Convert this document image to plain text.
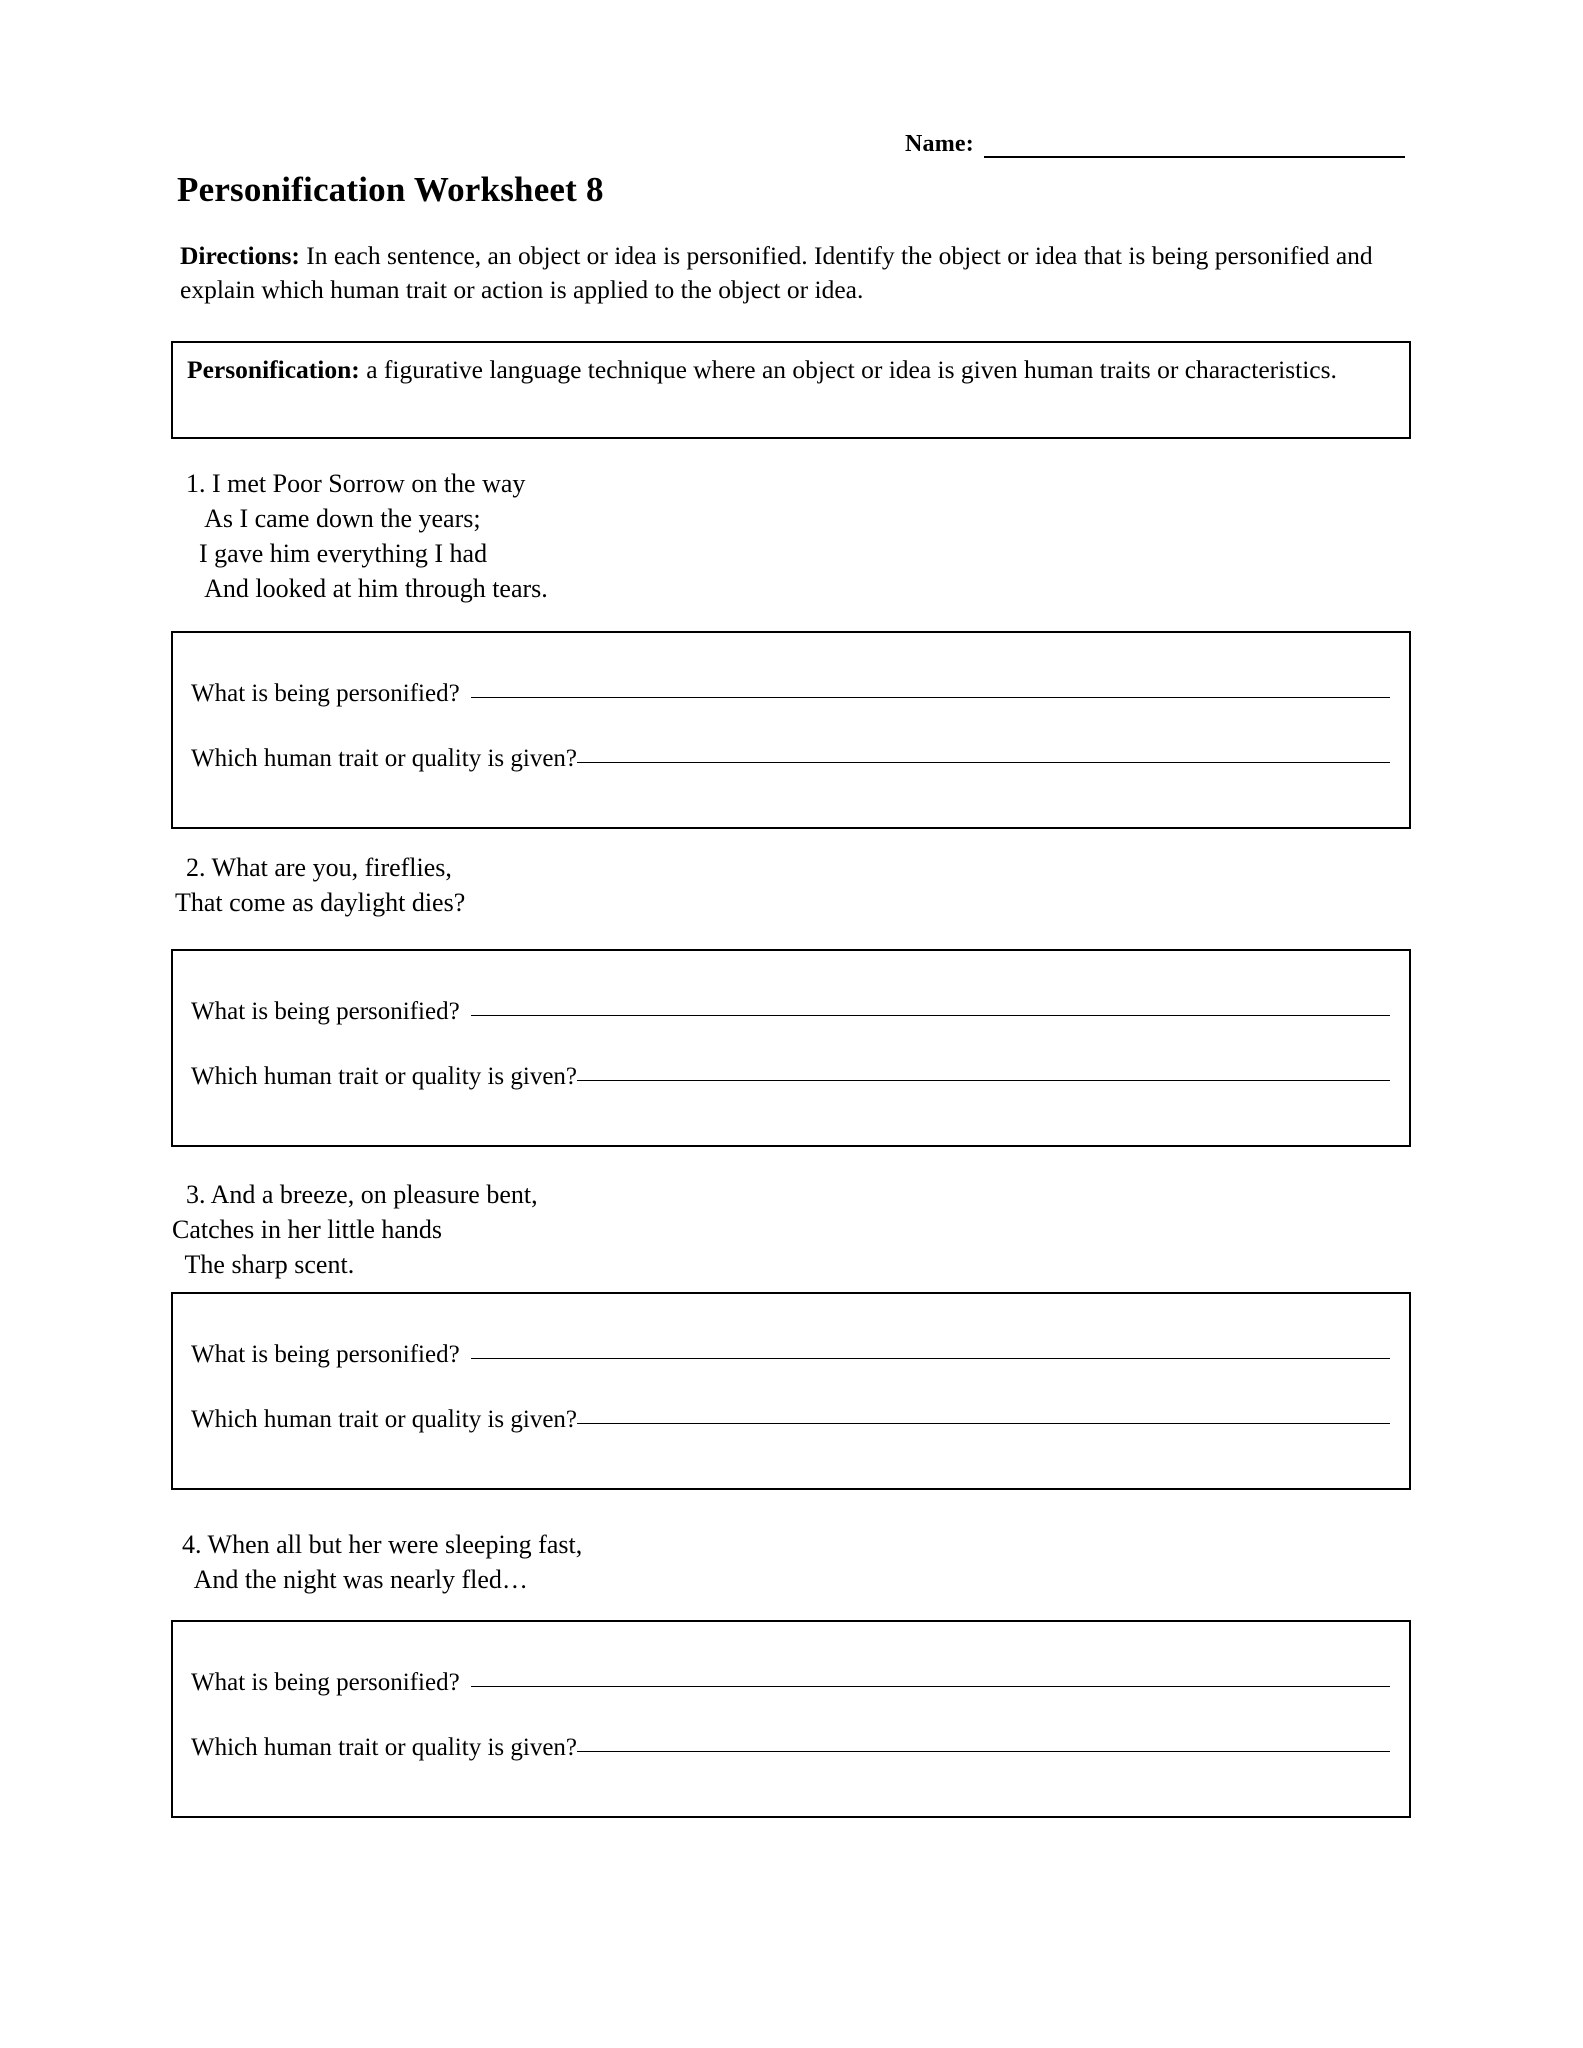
Name:
Personification Worksheet 8
Directions: In each sentence, an object or idea is personified. Identify the object or idea that is being personified and explain which human trait or action is applied to the object or idea.
Personification: a figurative language technique where an object or idea is given human traits or characteristics.
1. I met Poor Sorrow on the way
As I came down the years;
I gave him everything I had
And looked at him through tears.
What is being personified?
Which human trait or quality is given?
2. What are you, fireflies,
That come as daylight dies?
What is being personified?
Which human trait or quality is given?
3. And a breeze, on pleasure bent,
Catches in her little hands
The sharp scent.
What is being personified?
Which human trait or quality is given?
4. When all but her were sleeping fast,
And the night was nearly fled…
What is being personified?
Which human trait or quality is given?
